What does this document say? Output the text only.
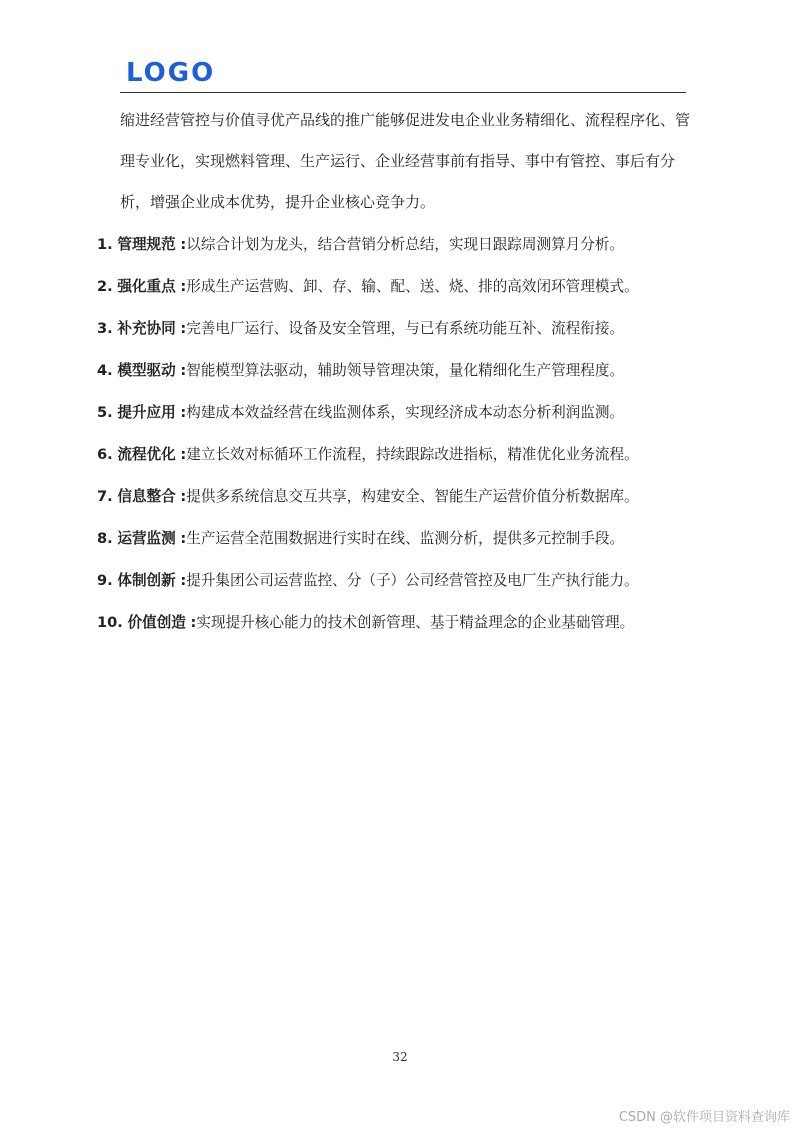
LOGO

缩进经营管控与价值寻优产品线的推广能够促进发电企业业务精细化、流程程序化、管理专业化，实现燃料管理、生产运行、企业经营事前有指导、事中有管控、事后有分析，增强企业成本优势，提升企业核心竞争力。

1. 管理规范 :以综合计划为龙头，结合营销分析总结，实现日跟踪周测算月分析。
2. 强化重点 :形成生产运营购、卸、存、输、配、送、烧、排的高效闭环管理模式。
3. 补充协同 :完善电厂运行、设备及安全管理，与已有系统功能互补、流程衔接。
4. 模型驱动 :智能模型算法驱动，辅助领导管理决策，量化精细化生产管理程度。
5. 提升应用 :构建成本效益经营在线监测体系，实现经济成本动态分析利润监测。
6. 流程优化 :建立长效对标循环工作流程，持续跟踪改进指标，精准优化业务流程。
7. 信息整合 :提供多系统信息交互共享，构建安全、智能生产运营价值分析数据库。
8. 运营监测 :生产运营全范围数据进行实时在线、监测分析，提供多元控制手段。
9. 体制创新 :提升集团公司运营监控、分（子）公司经营管控及电厂生产执行能力。
10. 价值创造 :实现提升核心能力的技术创新管理、基于精益理念的企业基础管理。
32
CSDN @软件项目资料查询库
